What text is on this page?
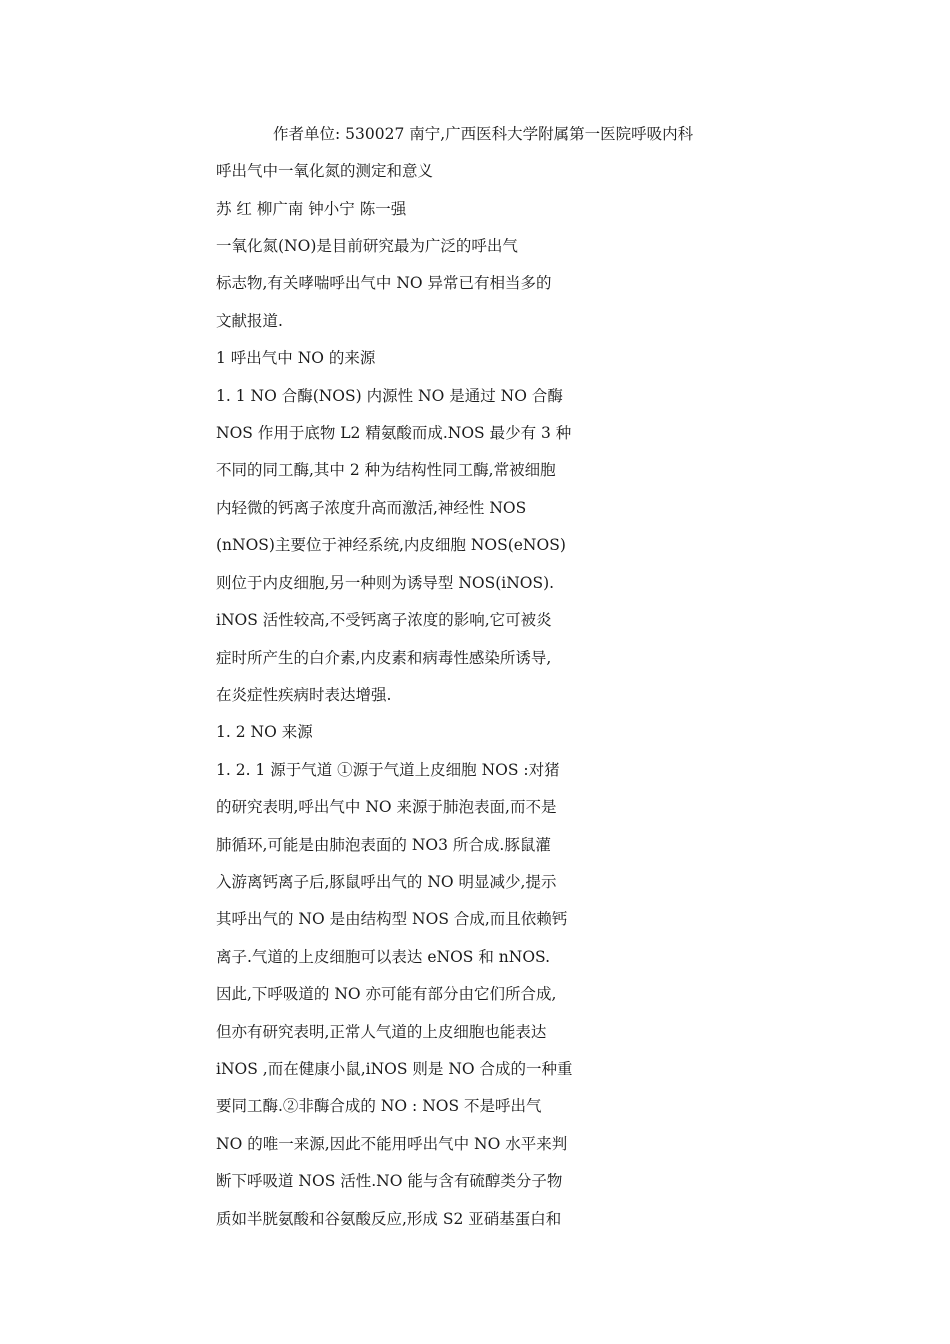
作者单位: 530027 南宁,广西医科大学附属第一医院呼吸内科
呼出气中一氧化氮的测定和意义
苏 红 柳广南 钟小宁 陈一强
一氧化氮(NO)是目前研究最为广泛的呼出气
标志物,有关哮喘呼出气中 NO 异常已有相当多的
文献报道.
1 呼出气中 NO 的来源
1. 1 NO 合酶(NOS) 内源性 NO 是通过 NO 合酶
NOS 作用于底物 L2 精氨酸而成.NOS 最少有 3 种
不同的同工酶,其中 2 种为结构性同工酶,常被细胞
内轻微的钙离子浓度升高而激活,神经性 NOS
(nNOS)主要位于神经系统,内皮细胞 NOS(eNOS)
则位于内皮细胞,另一种则为诱导型 NOS(iNOS).
iNOS 活性较高,不受钙离子浓度的影响,它可被炎
症时所产生的白介素,内皮素和病毒性感染所诱导,
在炎症性疾病时表达增强.
1. 2 NO 来源
1. 2. 1 源于气道 ①源于气道上皮细胞 NOS :对猪
的研究表明,呼出气中 NO 来源于肺泡表面,而不是
肺循环,可能是由肺泡表面的 NO3 所合成.豚鼠灌
入游离钙离子后,豚鼠呼出气的 NO 明显减少,提示
其呼出气的 NO 是由结构型 NOS 合成,而且依赖钙
离子.气道的上皮细胞可以表达 eNOS 和 nNOS.
因此,下呼吸道的 NO 亦可能有部分由它们所合成,
但亦有研究表明,正常人气道的上皮细胞也能表达
iNOS ,而在健康小鼠,iNOS 则是 NO 合成的一种重
要同工酶.②非酶合成的 NO : NOS 不是呼出气
NO 的唯一来源,因此不能用呼出气中 NO 水平来判
断下呼吸道 NOS 活性.NO 能与含有硫醇类分子物
质如半胱氨酸和谷氨酸反应,形成 S2 亚硝基蛋白和
